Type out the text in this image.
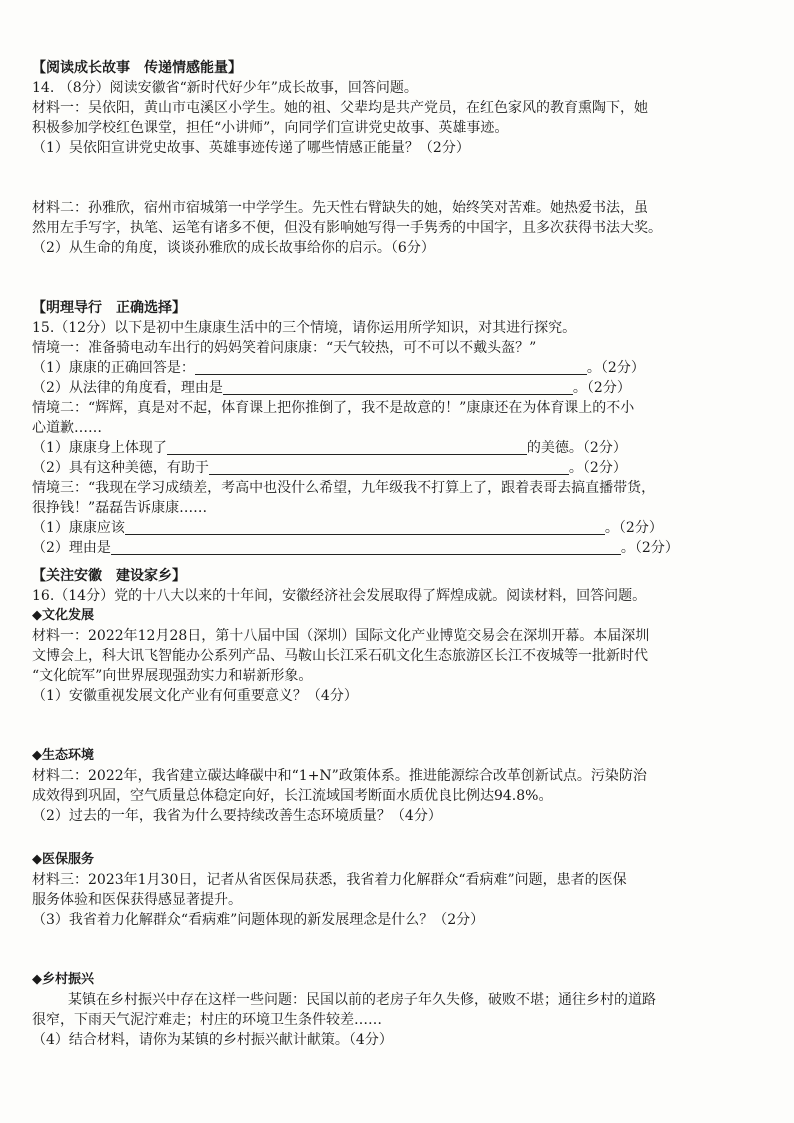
【阅读成长故事　传递情感能量】
14. （8分）阅读安徽省“新时代好少年”成长故事，回答问题。
材料一：吴依阳，黄山市屯溪区小学生。她的祖、父辈均是共产党员，在红色家风的教育熏陶下，她
积极参加学校红色课堂，担任“小讲师”，向同学们宣讲党史故事、英雄事迹。
（1）吴依阳宣讲党史故事、英雄事迹传递了哪些情感正能量？（2分）
材料二：孙雅欣，宿州市宿城第一中学学生。先天性右臂缺失的她，始终笑对苦难。她热爱书法，虽
然用左手写字，执笔、运笔有诸多不便，但没有影响她写得一手隽秀的中国字，且多次获得书法大奖。
（2）从生命的角度，谈谈孙雅欣的成长故事给你的启示。（6分）
【明理导行　正确选择】
15.（12分）以下是初中生康康生活中的三个情境，请你运用所学知识，对其进行探究。
情境一：准备骑电动车出行的妈妈笑着问康康：“天气较热，可不可以不戴头盔？”
（1）康康的正确回答是：	。（2分）
（2）从法律的角度看，理由是	。（2分）
情境二：“辉辉，真是对不起，体育课上把你推倒了，我不是故意的！”康康还在为体育课上的不小
心道歉……
（1）康康身上体现了	的美德。（2分）
（2）具有这种美德，有助于	。（2分）
情境三：“我现在学习成绩差，考高中也没什么希望，九年级我不打算上了，跟着表哥去搞直播带货，
很挣钱！”磊磊告诉康康……
（1）康康应该	。（2分）
（2）理由是	。（2分）
【关注安徽　建设家乡】
16.（14分）党的十八大以来的十年间，安徽经济社会发展取得了辉煌成就。阅读材料，回答问题。
◆文化发展
材料一：2022年12月28日，第十八届中国（深圳）国际文化产业博览交易会在深圳开幕。本届深圳
文博会上，科大讯飞智能办公系列产品、马鞍山长江采石矶文化生态旅游区长江不夜城等一批新时代
“文化皖军”向世界展现强劲实力和崭新形象。
（1）安徽重视发展文化产业有何重要意义？（4分）
◆生态环境
材料二：2022年，我省建立碳达峰碳中和“1+N”政策体系。推进能源综合改革创新试点。污染防治
成效得到巩固，空气质量总体稳定向好，长江流域国考断面水质优良比例达94.8%。
（2）过去的一年，我省为什么要持续改善生态环境质量？（4分）
◆医保服务
材料三：2023年1月30日，记者从省医保局获悉，我省着力化解群众“看病难”问题，患者的医保
服务体验和医保获得感显著提升。
（3）我省着力化解群众“看病难”问题体现的新发展理念是什么？（2分）
◆乡村振兴
某镇在乡村振兴中存在这样一些问题：民国以前的老房子年久失修，破败不堪；通往乡村的道路
很窄，下雨天气泥泞难走；村庄的环境卫生条件较差……
（4）结合材料，请你为某镇的乡村振兴献计献策。（4分）
